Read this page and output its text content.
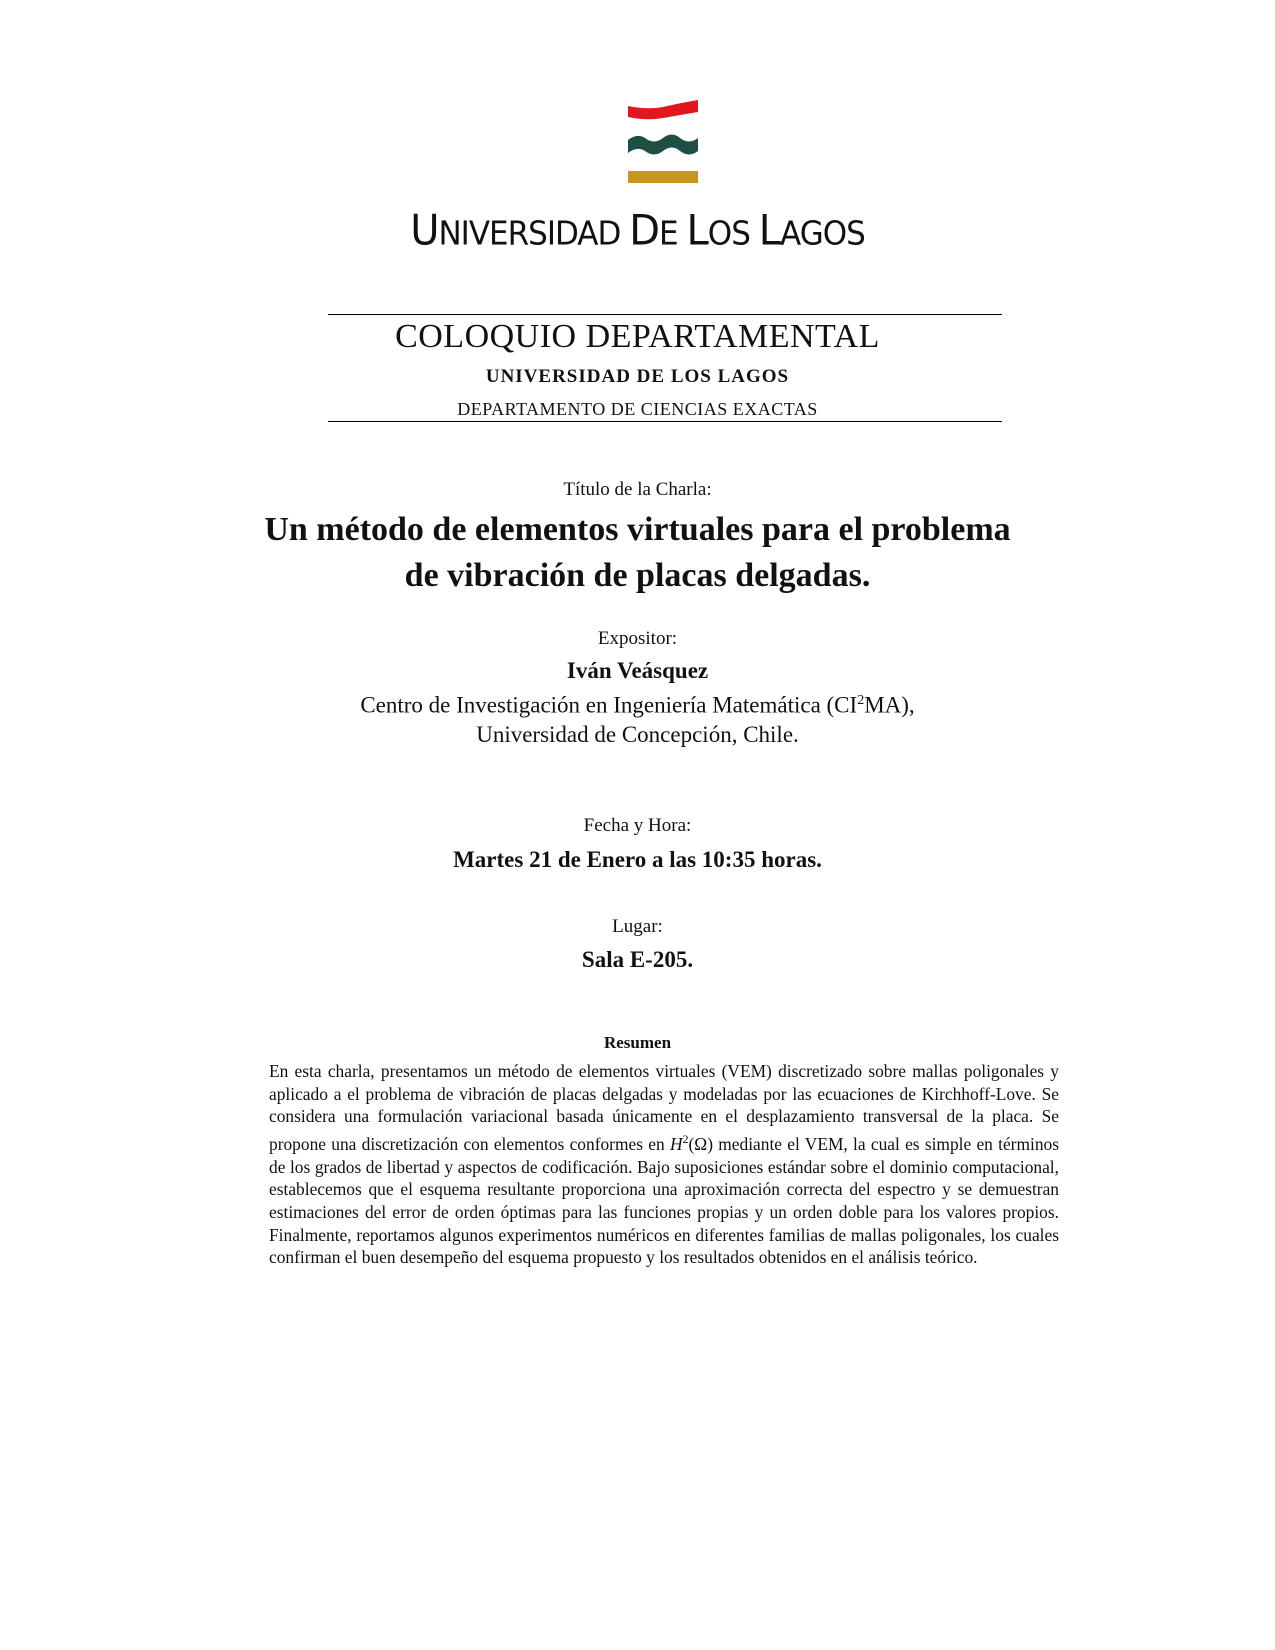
UNIVERSIDAD DE LOS LAGOS
COLOQUIO DEPARTAMENTAL
UNIVERSIDAD DE LOS LAGOS
DEPARTAMENTO DE CIENCIAS EXACTAS
Título de la Charla:
Un método de elementos virtuales para el problema
de vibración de placas delgadas.
Expositor:
Iván Veásquez
Centro de Investigación en Ingeniería Matemática $(CI^2MA)$,
Universidad de Concepción, Chile.
Fecha y Hora:
Martes 21 de Enero a las 10:35 horas.
Lugar:
Sala E-205.
Resumen
En esta charla, presentamos un método de elementos virtuales (VEM) discretizado sobre mallas poligonales y aplicado a el problema de vibración de placas delgadas y modeladas por las ecuaciones de Kirchhoff-Love. Se considera una formulación variacional basada únicamente en el desplazamiento transversal de la placa. Se propone una discretización con elementos conformes en $H^2(\Omega)$ mediante el VEM, la cual es simple en términos de los grados de libertad y aspectos de codificación. Bajo suposiciones estándar sobre el dominio computacional, establecemos que el esquema resultante proporciona una aproximación correcta del espectro y se demuestran estimaciones del error de orden óptimas para las funciones propias y un orden doble para los valores propios. Finalmente, reportamos algunos experimentos numéricos en diferentes familias de mallas poligonales, los cuales confirman el buen desempeño del esquema propuesto y los resultados obtenidos en el análisis teórico.
